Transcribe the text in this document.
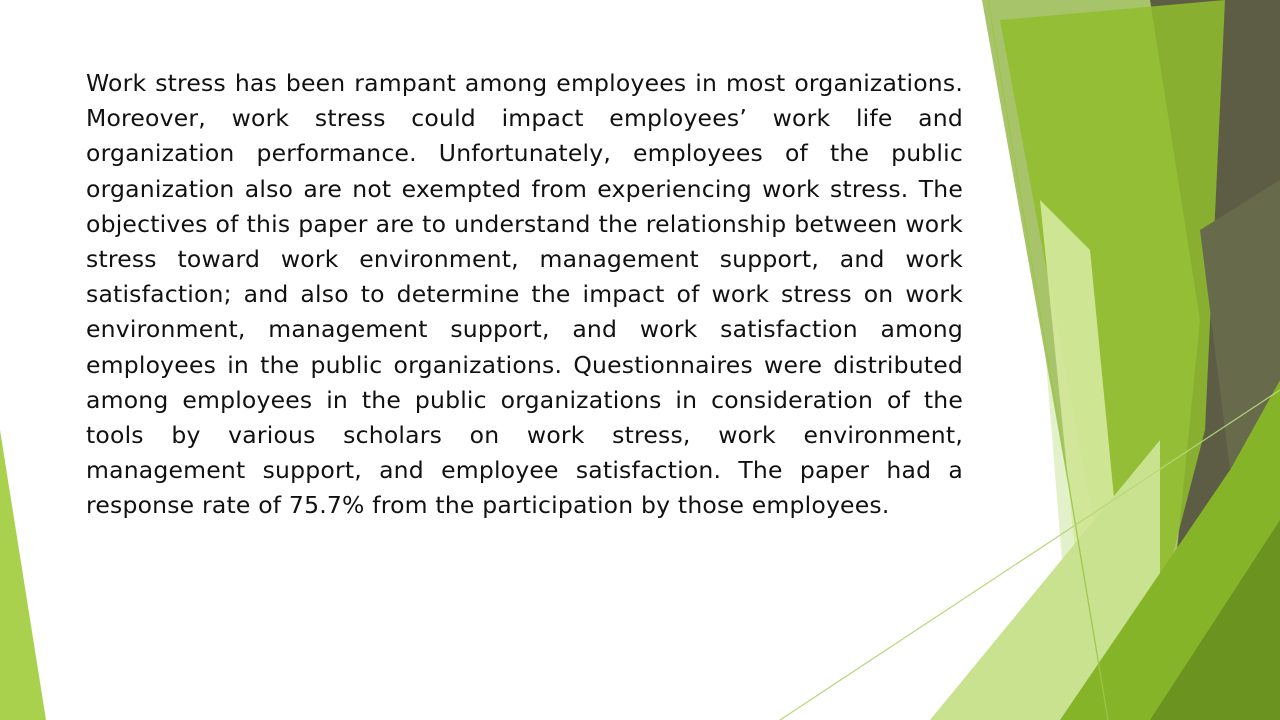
Work stress has been rampant among employees in most organizations. Moreover, work stress could impact employees’ work life and organization performance. Unfortunately, employees of the public organization also are not exempted from experiencing work stress. The objectives of this paper are to understand the relationship between work stress toward work environment, management support, and work satisfaction; and also to determine the impact of work stress on work environment, management support, and work satisfaction among employees in the public organizations. Questionnaires were distributed among employees in the public organizations in consideration of the tools by various scholars on work stress, work environment, management support, and employee satisfaction. The paper had a response rate of 75.7% from the participation by those employees.
